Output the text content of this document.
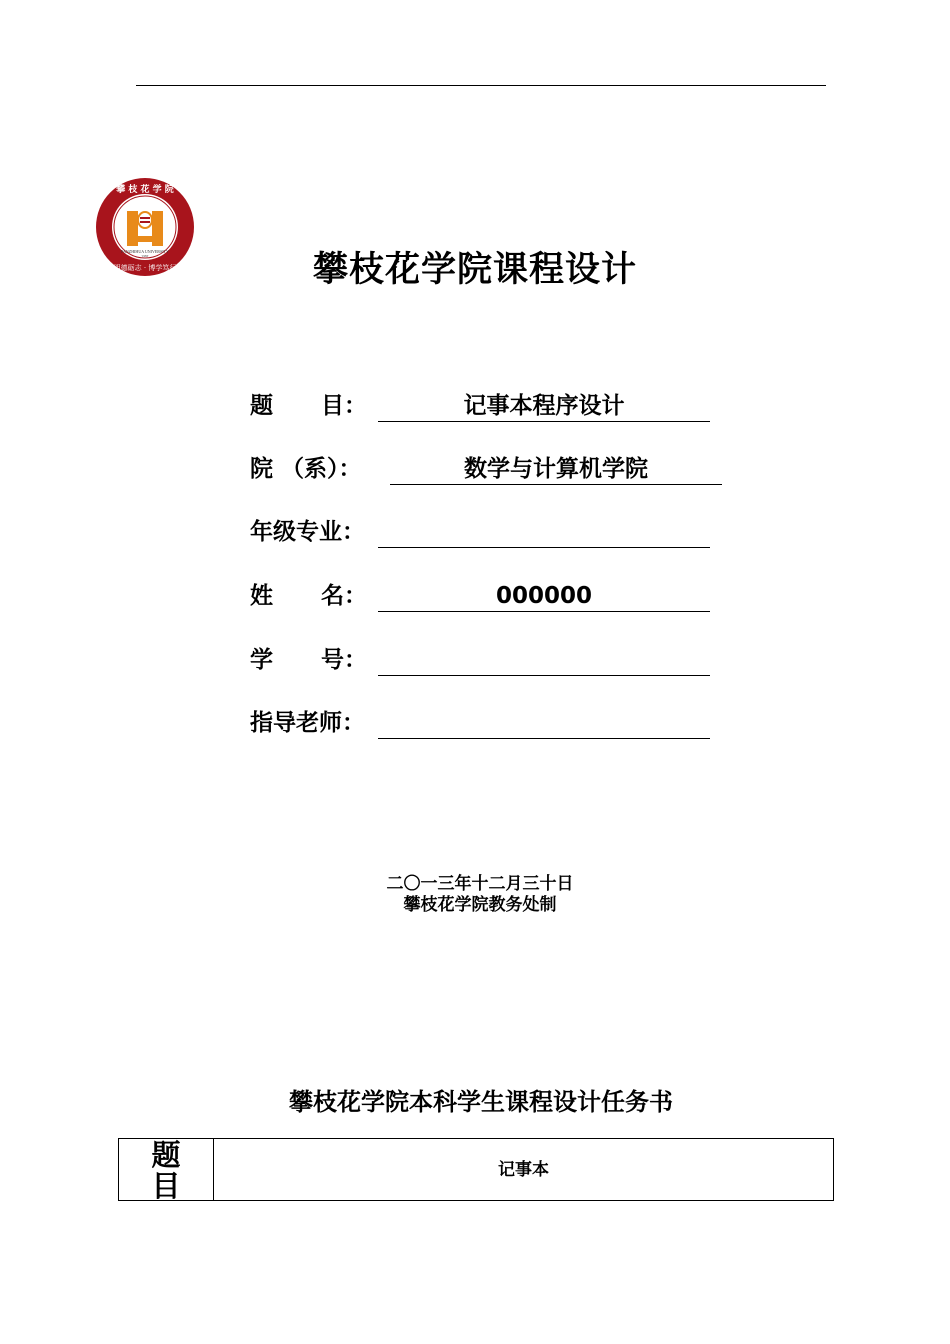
PANZHIHUA UNIVERSITY
·1983·
攀 枝 花 学 院
明德砺志 · 博学笃行	攀枝花学院课程设计
题      目：	记事本程序设计
院 （系）：	数学与计算机学院
年级专业：
姓      名：	000000
学      号：
指导老师：
二〇一三年十二月三十日
攀枝花学院教务处制
攀枝花学院本科学生课程设计任务书
题
目	记事本
